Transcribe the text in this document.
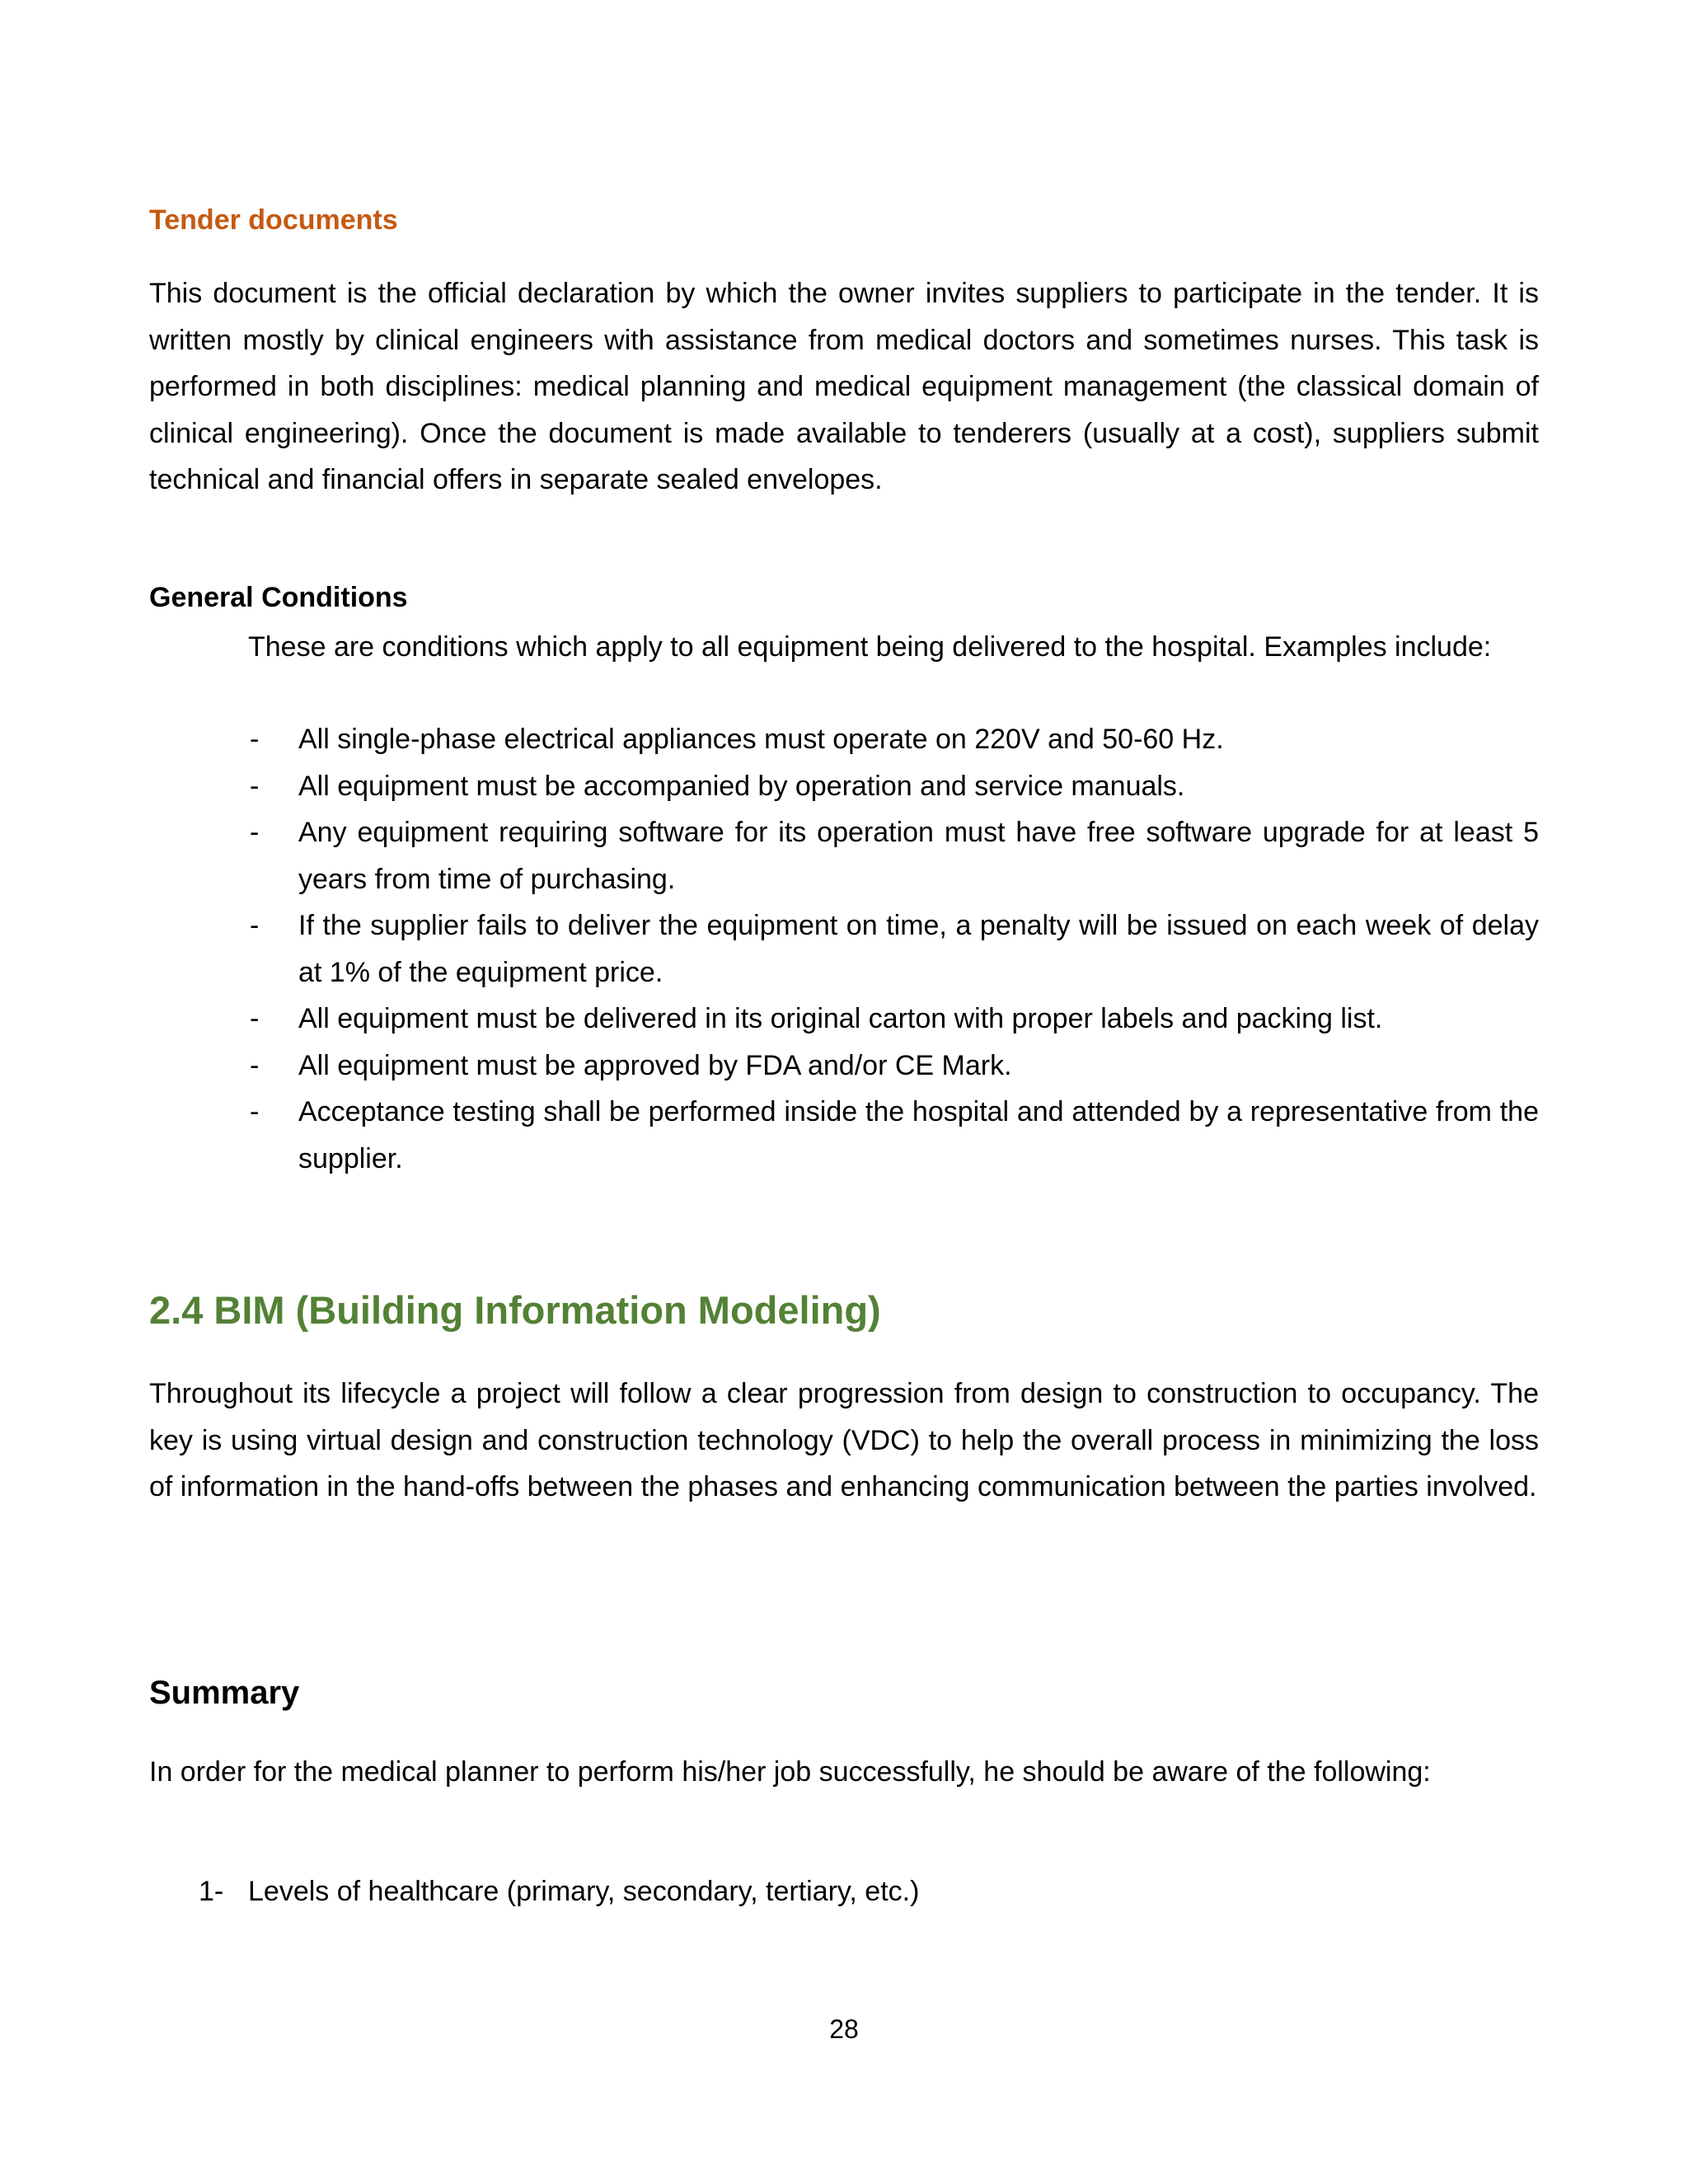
Tender documents

This document is the official declaration by which the owner invites suppliers to participate in the tender. It is written mostly by clinical engineers with assistance from medical doctors and sometimes nurses. This task is performed in both disciplines: medical planning and medical equipment management (the classical domain of clinical engineering). Once the document is made available to tenderers (usually at a cost), suppliers submit technical and financial offers in separate sealed envelopes.

General Conditions

These are conditions which apply to all equipment being delivered to the hospital. Examples include:

- All single-phase electrical appliances must operate on 220V and 50-60 Hz.
- All equipment must be accompanied by operation and service manuals.
- Any equipment requiring software for its operation must have free software upgrade for at least 5 years from time of purchasing.
- If the supplier fails to deliver the equipment on time, a penalty will be issued on each week of delay at 1% of the equipment price.
- All equipment must be delivered in its original carton with proper labels and packing list.
- All equipment must be approved by FDA and/or CE Mark.
- Acceptance testing shall be performed inside the hospital and attended by a representative from the supplier.
2.4 BIM (Building Information Modeling)

Throughout its lifecycle a project will follow a clear progression from design to construction to occupancy. The key is using virtual design and construction technology (VDC) to help the overall process in minimizing the loss of information in the hand-offs between the phases and enhancing communication between the parties involved.

Summary

In order for the medical planner to perform his/her job successfully, he should be aware of the following:

1- Levels of healthcare (primary, secondary, tertiary, etc.)
28
